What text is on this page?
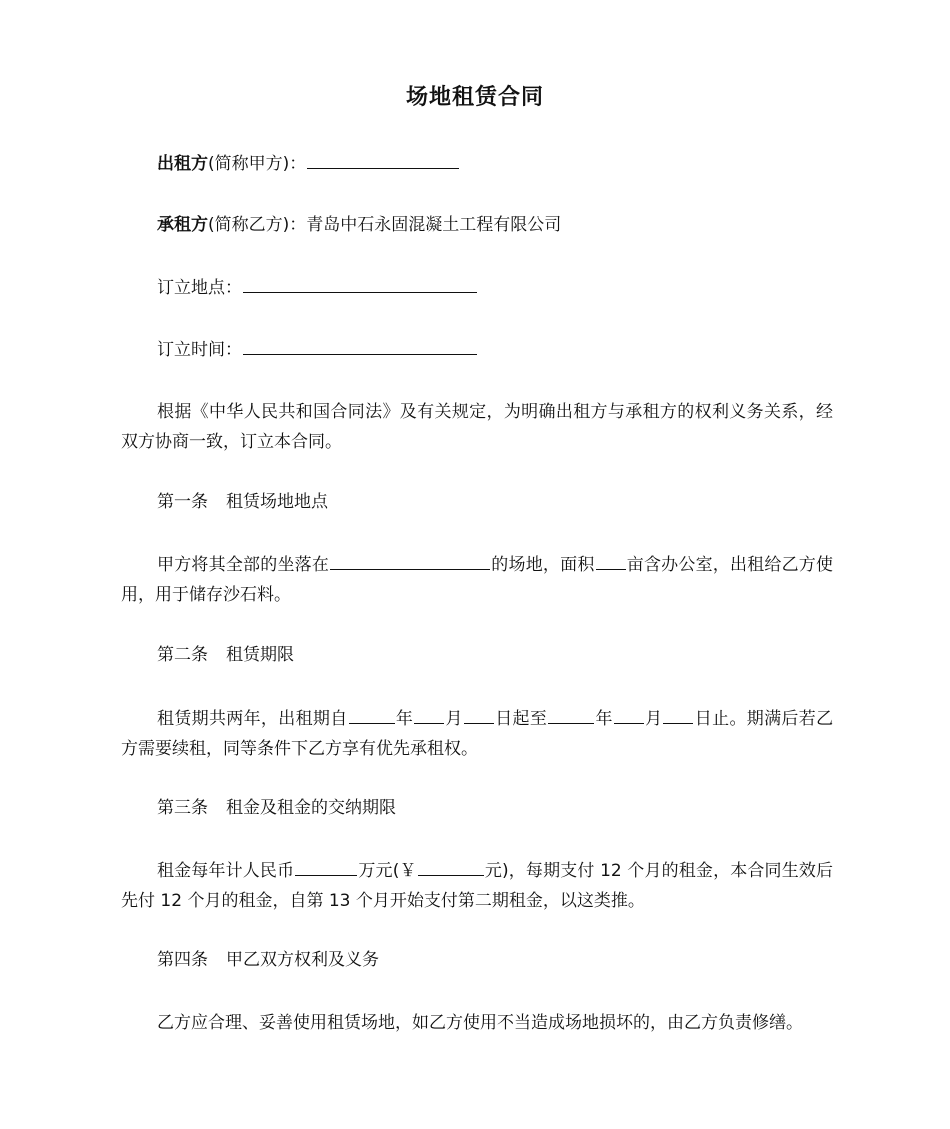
场地租赁合同
出租方(简称甲方)：
承租方(简称乙方)：青岛中石永固混凝土工程有限公司
订立地点：
订立时间：
根据《中华人民共和国合同法》及有关规定，为明确出租方与承租方的权利义务关系，经双方协商一致，订立本合同。
第一条 租赁场地地点
甲方将其全部的坐落在	的场地，面积 亩含办公室，出租给乙方使用，用于储存沙石料。
第二条 租赁期限
租赁期共两年，出租期自	年 月 日起至	年 月 日止。期满后若乙方需要续租，同等条件下乙方享有优先承租权。
第三条 租金及租金的交纳期限
租金每年计人民币	万元(￥	元)，每期支付 12 个月的租金，本合同生效后先付 12 个月的租金，自第 13 个月开始支付第二期租金，以这类推。
第四条 甲乙双方权利及义务
乙方应合理、妥善使用租赁场地，如乙方使用不当造成场地损坏的，由乙方负责修缮。
